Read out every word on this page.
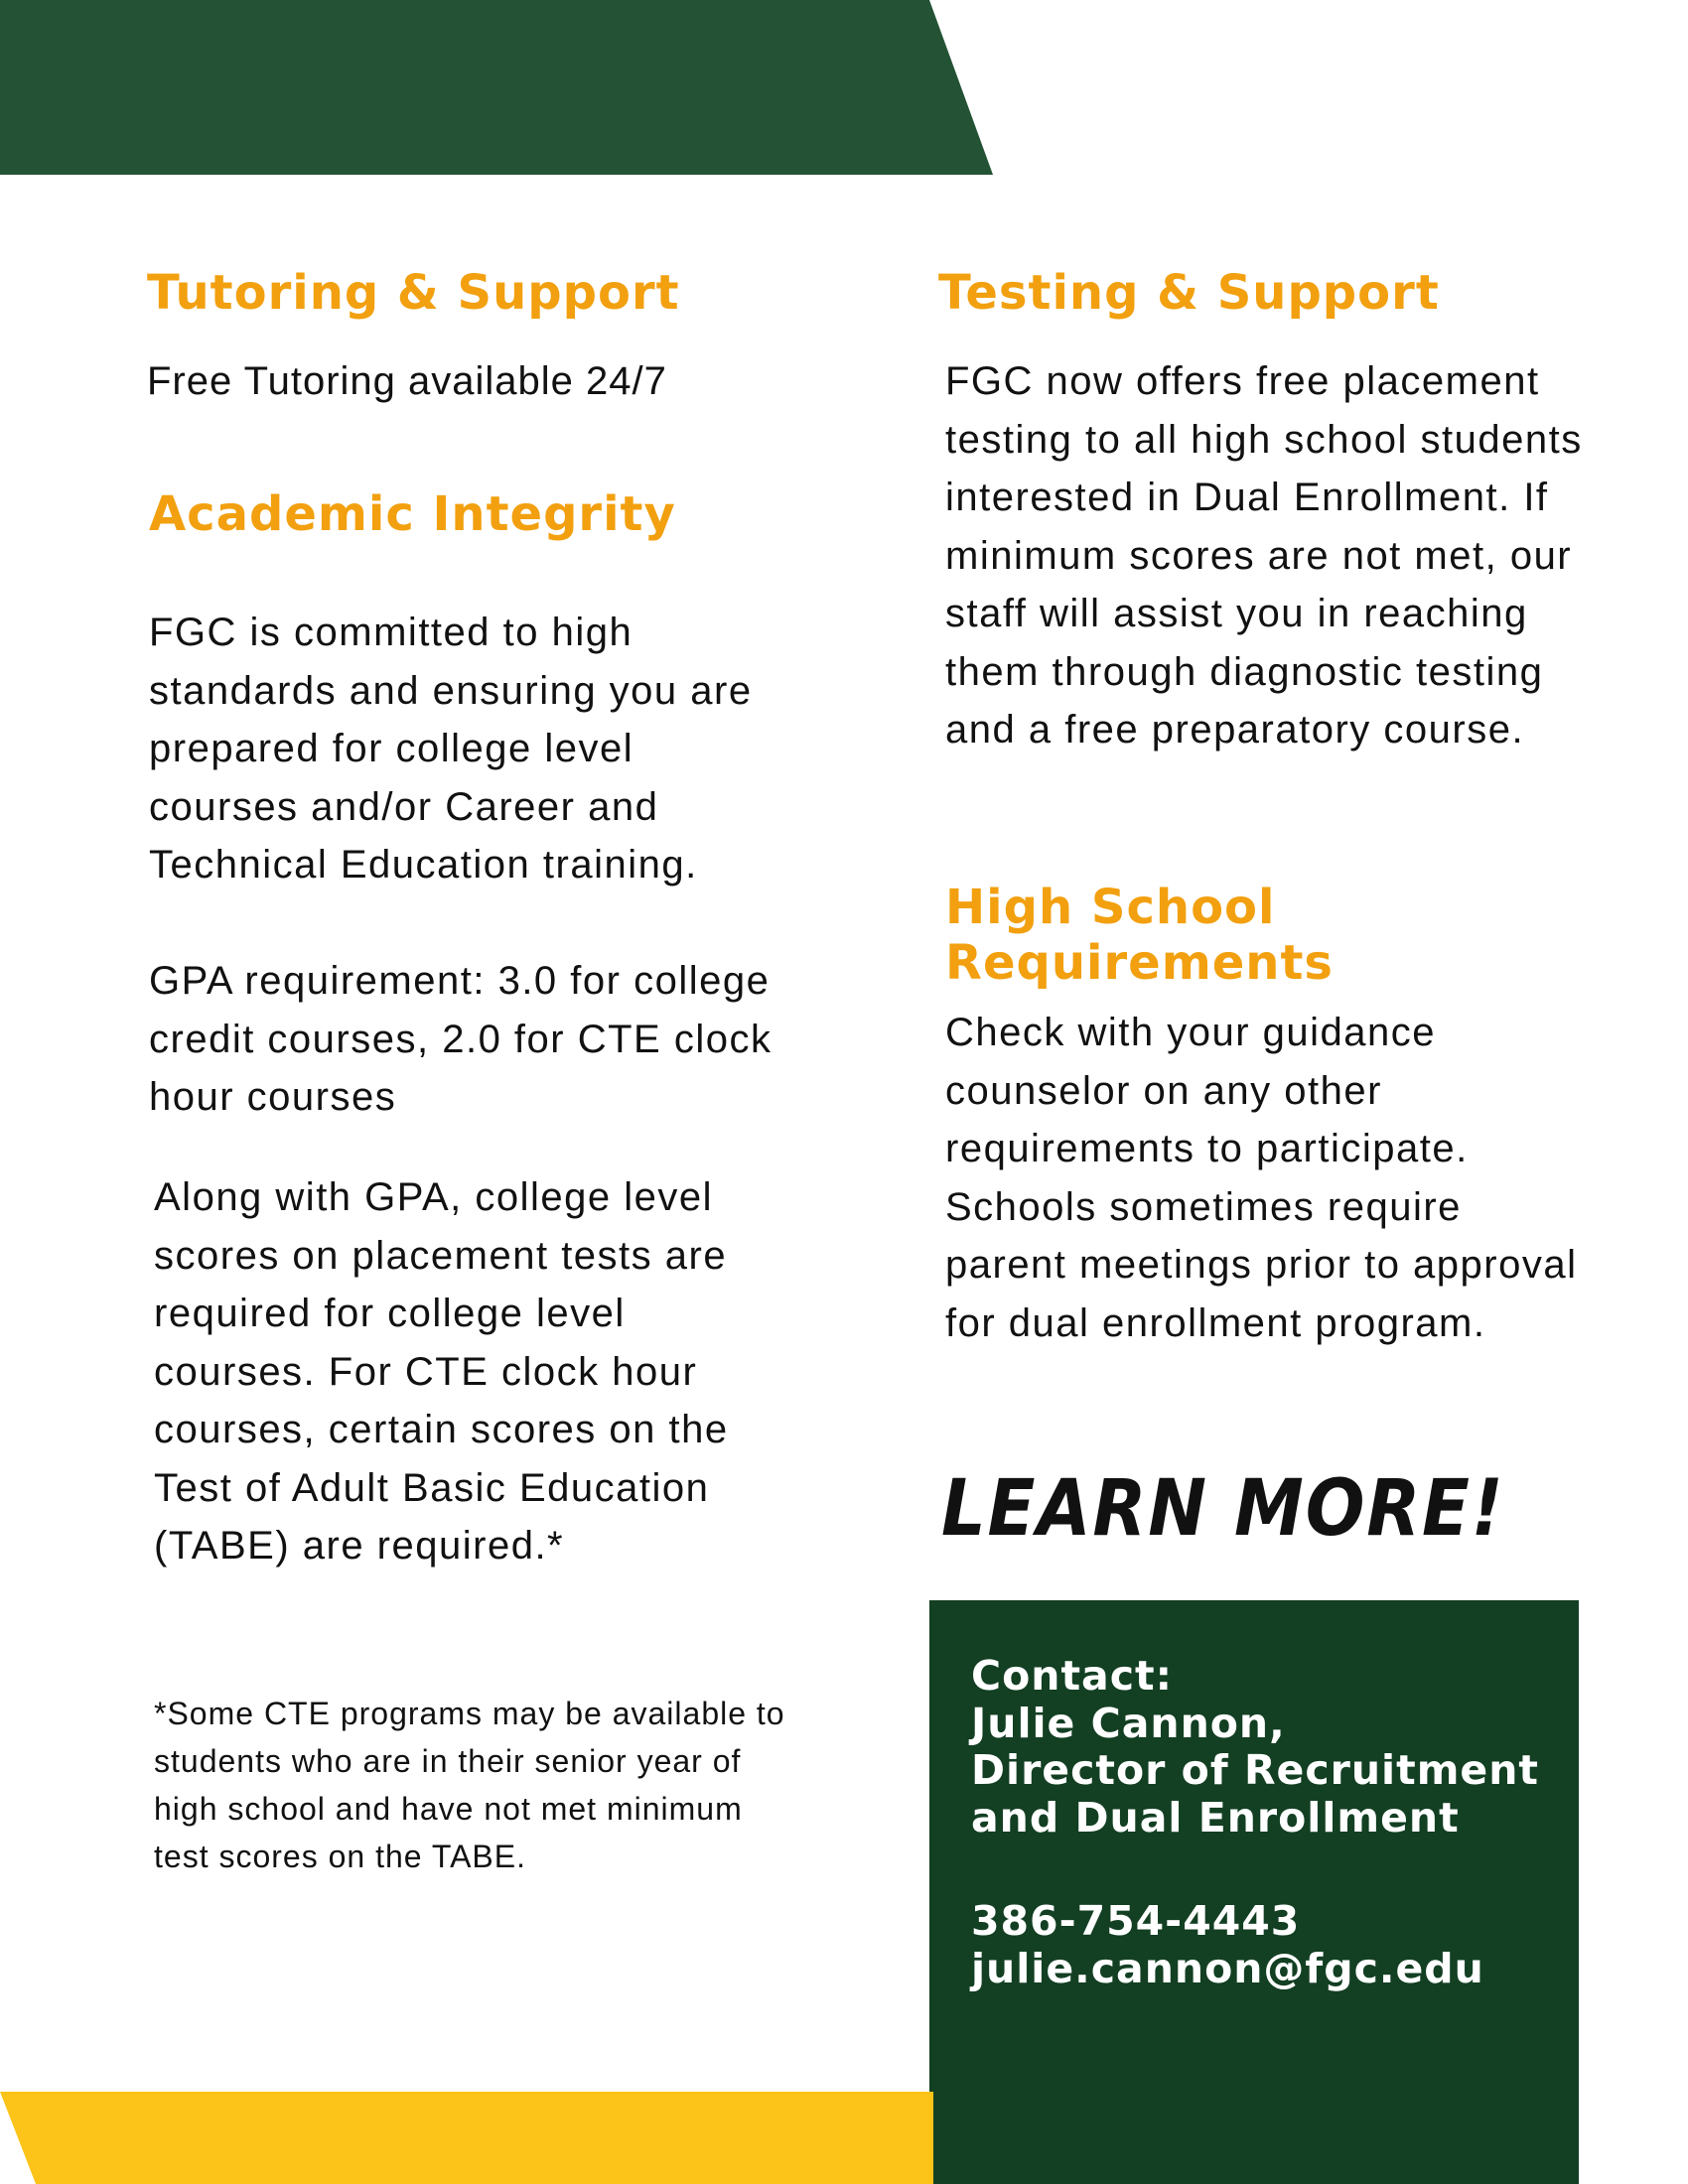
Tutoring & Support

Free Tutoring available 24/7

Academic Integrity

FGC is committed to high standards and ensuring you are prepared for college level courses and/or Career and Technical Education training.

GPA requirement: 3.0 for college credit courses, 2.0 for CTE clock hour courses

Along with GPA, college level scores on placement tests are required for college level courses. For CTE clock hour courses, certain scores on the Test of Adult Basic Education (TABE) are required.*

*Some CTE programs may be available to students who are in their senior year of high school and have not met minimum test scores on the TABE.

Testing & Support

FGC now offers free placement testing to all high school students interested in Dual Enrollment. If minimum scores are not met, our staff will assist you in reaching them through diagnostic testing and a free preparatory course.

High School
Requirements

Check with your guidance counselor on any other requirements to participate. Schools sometimes require parent meetings prior to approval for dual enrollment program.

LEARN MORE!

Contact:
Julie Cannon,
Director of Recruitment
and Dual Enrollment

386-754-4443
julie.cannon@fgc.edu
